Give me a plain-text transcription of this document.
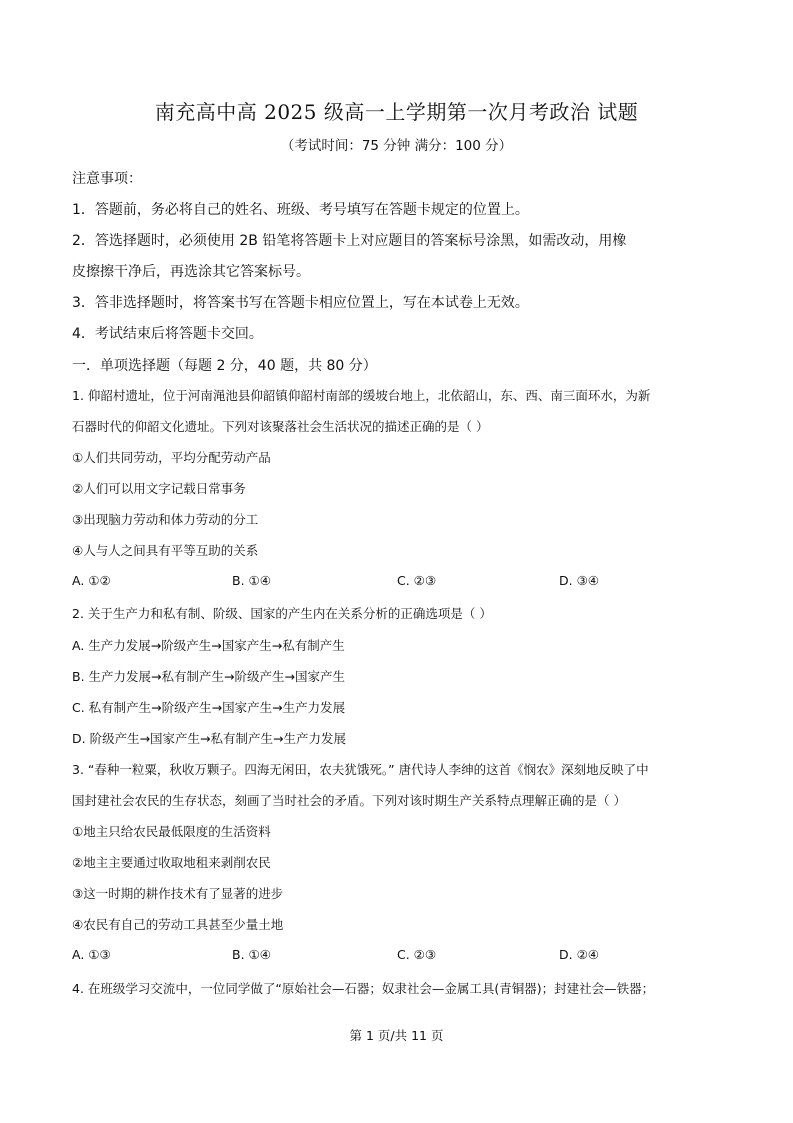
南充高中高 2025 级高一上学期第一次月考政治 试题
（考试时间：75 分钟 满分：100 分）
注意事项：
1．答题前，务必将自己的姓名、班级、考号填写在答题卡规定的位置上。
2．答选择题时，必须使用 2B 铅笔将答题卡上对应题目的答案标号涂黑，如需改动，用橡
皮擦擦干净后，再选涂其它答案标号。
3．答非选择题时，将答案书写在答题卡相应位置上，写在本试卷上无效。
4．考试结束后将答题卡交回。
一．单项选择题（每题 2 分，40 题，共 80 分）
1. 仰韶村遗址，位于河南渑池县仰韶镇仰韶村南部的缓坡台地上，北依韶山，东、西、南三面环水，为新
石器时代的仰韶文化遗址。下列对该聚落社会生活状况的描述正确的是（ ）
①人们共同劳动，平均分配劳动产品
②人们可以用文字记载日常事务
③出现脑力劳动和体力劳动的分工
④人与人之间具有平等互助的关系
A. ①②	B. ①④	C. ②③	D. ③④
2. 关于生产力和私有制、阶级、国家的产生内在关系分析的正确选项是（ ）
A. 生产力发展→阶级产生→国家产生→私有制产生
B. 生产力发展→私有制产生→阶级产生→国家产生
C. 私有制产生→阶级产生→国家产生→生产力发展
D. 阶级产生→国家产生→私有制产生→生产力发展
3. “春种一粒粟，秋收万颗子。四海无闲田，农夫犹饿死。” 唐代诗人李绅的这首《悯农》深刻地反映了中
国封建社会农民的生存状态，刻画了当时社会的矛盾。下列对该时期生产关系特点理解正确的是（ ）
①地主只给农民最低限度的生活资料
②地主主要通过收取地租来剥削农民
③这一时期的耕作技术有了显著的进步
④农民有自己的劳动工具甚至少量土地
A. ①③	B. ①④	C. ②③	D. ②④
4. 在班级学习交流中，一位同学做了“原始社会—石器；奴隶社会—金属工具(青铜器)；封建社会—铁器；
第 1 页/共 11 页
